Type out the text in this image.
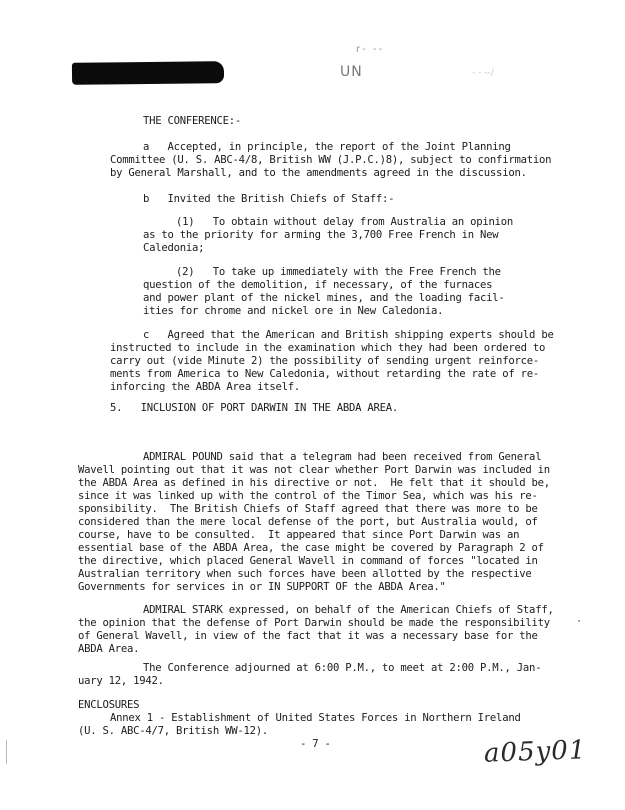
r‐ ‐‐
UN	‐ ‐ ‐‐/
THE CONFERENCE:-
a   Accepted, in principle, the report of the Joint Planning
Committee (U. S. ABC-4/8, British WW (J.P.C.)8), subject to confirmation
by General Marshall, and to the amendments agreed in the discussion.
b   Invited the British Chiefs of Staff:-
(1)   To obtain without delay from Australia an opinion
as to the priority for arming the 3,700 Free French in New
Caledonia;
(2)   To take up immediately with the Free French the
question of the demolition, if necessary, of the furnaces
and power plant of the nickel mines, and the loading facil-
ities for chrome and nickel ore in New Caledonia.
c   Agreed that the American and British shipping experts should be
instructed to include in the examination which they had been ordered to
carry out (vide Minute 2) the possibility of sending urgent reinforce-
ments from America to New Caledonia, without retarding the rate of re-
inforcing the ABDA Area itself.
5.   INCLUSION OF PORT DARWIN IN THE ABDA AREA.
ADMIRAL POUND said that a telegram had been received from General
Wavell pointing out that it was not clear whether Port Darwin was included in
the ABDA Area as defined in his directive or not.  He felt that it should be,
since it was linked up with the control of the Timor Sea, which was his re-
sponsibility.  The British Chiefs of Staff agreed that there was more to be
considered than the mere local defense of the port, but Australia would, of
course, have to be consulted.  It appeared that since Port Darwin was an
essential base of the ABDA Area, the case might be covered by Paragraph 2 of
the directive, which placed General Wavell in command of forces "located in
Australian territory when such forces have been allotted by the respective
Governments for services in or IN SUPPORT OF the ABDA Area."
ADMIRAL STARK expressed, on behalf of the American Chiefs of Staff,
the opinion that the defense of Port Darwin should be made the responsibility
of General Wavell, in view of the fact that it was a necessary base for the
ABDA Area.
The Conference adjourned at 6:00 P.M., to meet at 2:00 P.M., Jan-
uary 12, 1942.
ENCLOSURES
Annex 1 - Establishment of United States Forces in Northern Ireland
(U. S. ABC-4/7, British WW-12).
- 7 -	a05y01
